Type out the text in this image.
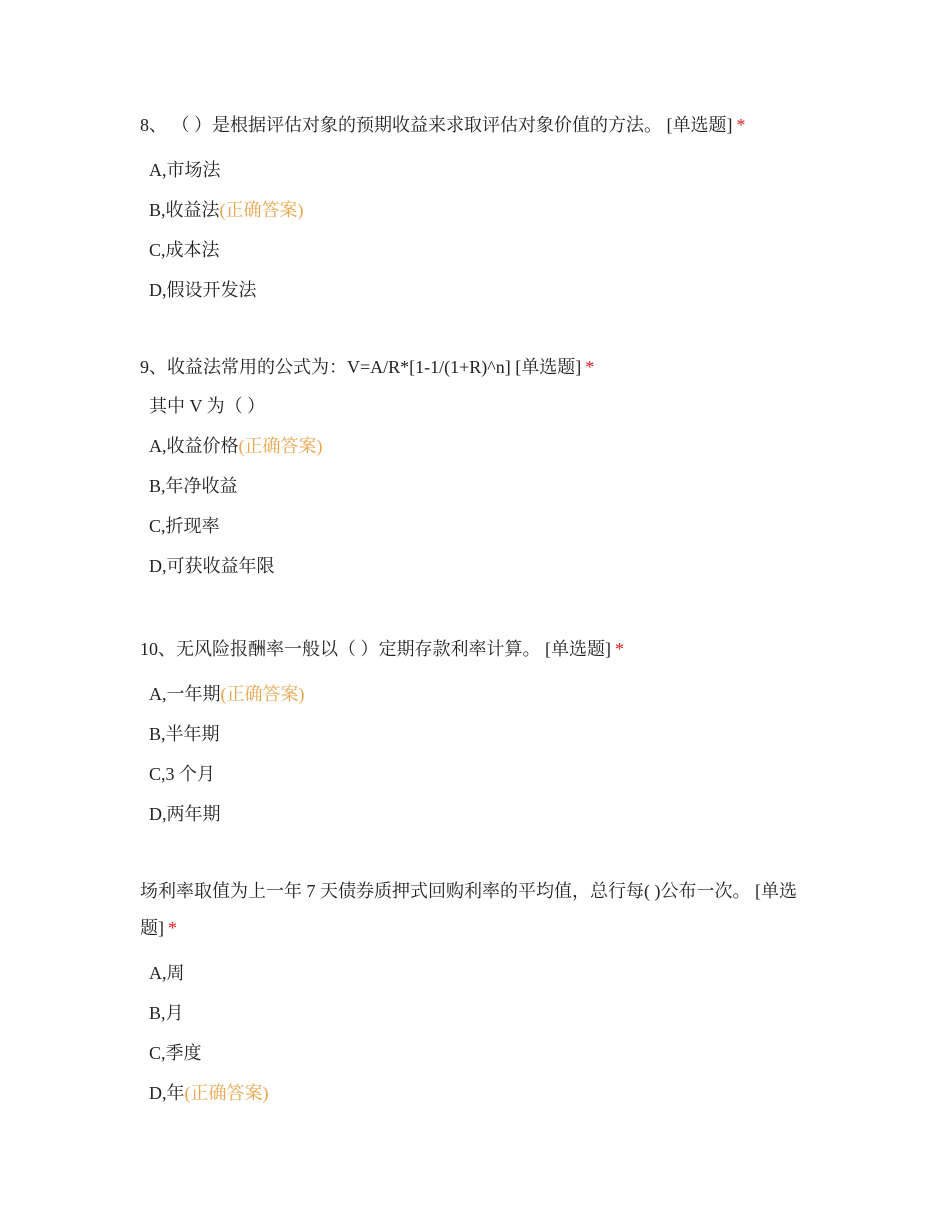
8、 （ ）是根据评估对象的预期收益来求取评估对象价值的方法。 [单选题] *

A,市场法
B,收益法(正确答案)
C,成本法
D,假设开发法

9、收益法常用的公式为：V=A/R*[1-1/(1+R)^n] [单选题] *

其中 V 为（ ）
A,收益价格(正确答案)
B,年净收益
C,折现率
D,可获收益年限

10、无风险报酬率一般以（ ）定期存款利率计算。 [单选题] *

A,一年期(正确答案)
B,半年期
C,3 个月
D,两年期

场利率取值为上一年 7 天债券质押式回购利率的平均值，总行每( )公布一次。 [单选题] *

A,周
B,月
C,季度
D,年(正确答案)
